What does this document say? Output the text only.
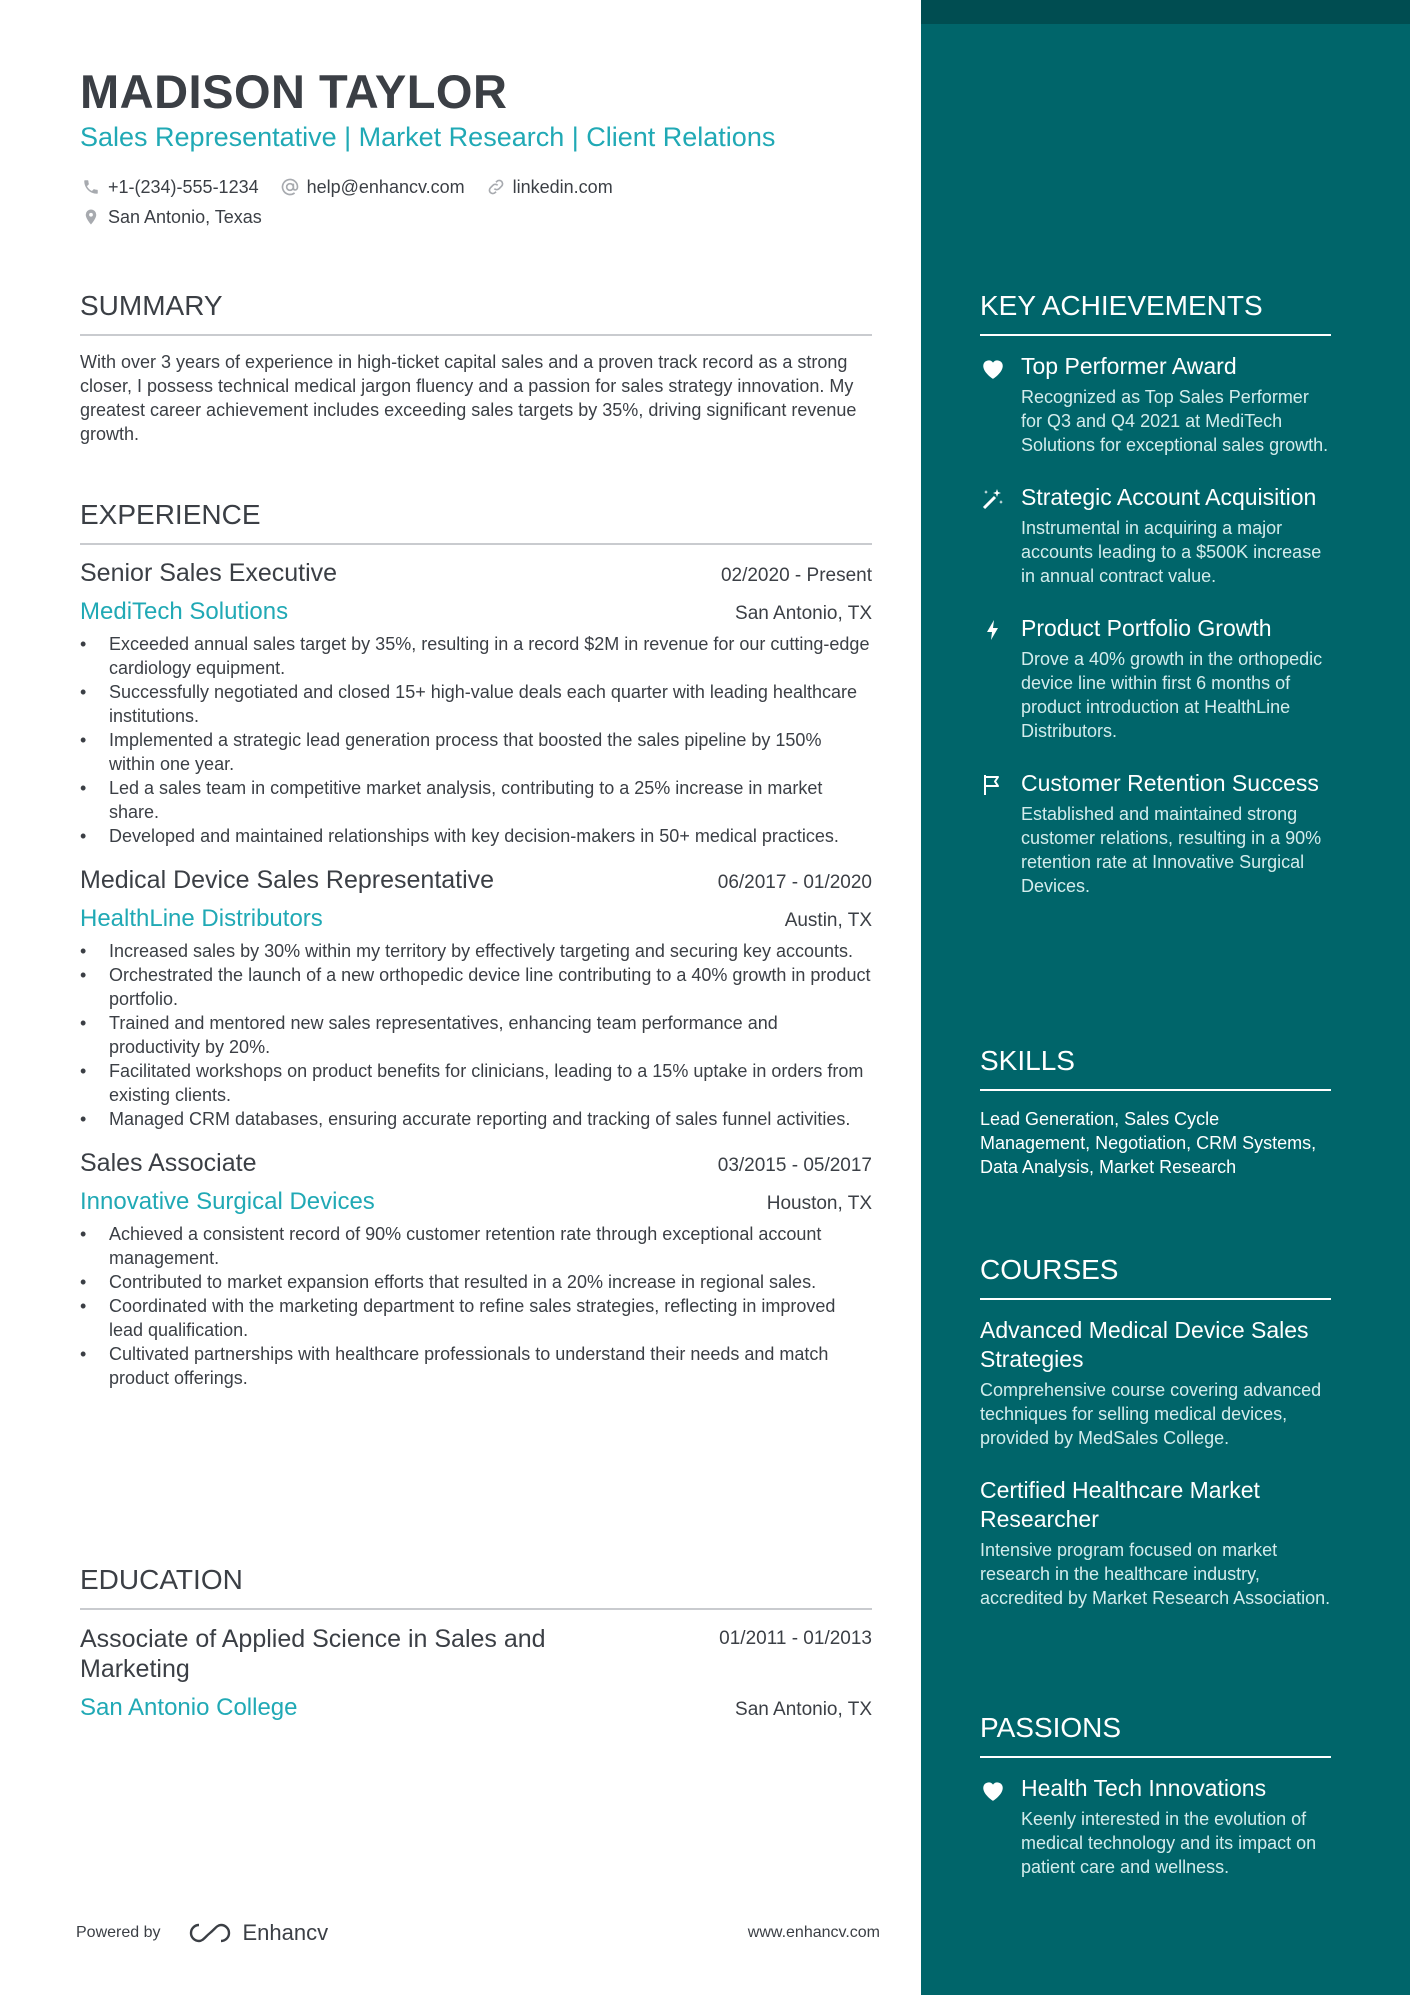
MADISON TAYLOR
Sales Representative | Market Research | Client Relations
+1-(234)-555-1234	help@enhancv.com	linkedin.com
San Antonio, Texas
SUMMARY
With over 3 years of experience in high-ticket capital sales and a proven track record as a strong closer, I possess technical medical jargon fluency and a passion for sales strategy innovation. My greatest career achievement includes exceeding sales targets by 35%, driving significant revenue growth.
EXPERIENCE
Senior Sales Executive	02/2020 - Present
MediTech Solutions	San Antonio, TX
• Exceeded annual sales target by 35%, resulting in a record $2M in revenue for our cutting-edge cardiology equipment.
• Successfully negotiated and closed 15+ high-value deals each quarter with leading healthcare institutions.
• Implemented a strategic lead generation process that boosted the sales pipeline by 150% within one year.
• Led a sales team in competitive market analysis, contributing to a 25% increase in market share.
• Developed and maintained relationships with key decision-makers in 50+ medical practices.
Medical Device Sales Representative	06/2017 - 01/2020
HealthLine Distributors	Austin, TX
• Increased sales by 30% within my territory by effectively targeting and securing key accounts.
• Orchestrated the launch of a new orthopedic device line contributing to a 40% growth in product portfolio.
• Trained and mentored new sales representatives, enhancing team performance and productivity by 20%.
• Facilitated workshops on product benefits for clinicians, leading to a 15% uptake in orders from existing clients.
• Managed CRM databases, ensuring accurate reporting and tracking of sales funnel activities.
Sales Associate	03/2015 - 05/2017
Innovative Surgical Devices	Houston, TX
• Achieved a consistent record of 90% customer retention rate through exceptional account management.
• Contributed to market expansion efforts that resulted in a 20% increase in regional sales.
• Coordinated with the marketing department to refine sales strategies, reflecting in improved lead qualification.
• Cultivated partnerships with healthcare professionals to understand their needs and match product offerings.
EDUCATION
Associate of Applied Science in Sales and Marketing
01/2011 - 01/2013
San Antonio College	San Antonio, TX
Powered by	Enhancv	www.enhancv.com
KEY ACHIEVEMENTS
Top Performer Award
Recognized as Top Sales Performer for Q3 and Q4 2021 at MediTech Solutions for exceptional sales growth.
Strategic Account Acquisition
Instrumental in acquiring a major accounts leading to a $500K increase in annual contract value.
Product Portfolio Growth
Drove a 40% growth in the orthopedic device line within first 6 months of product introduction at HealthLine Distributors.
Customer Retention Success
Established and maintained strong customer relations, resulting in a 90% retention rate at Innovative Surgical Devices.
SKILLS
Lead Generation, Sales Cycle Management, Negotiation, CRM Systems, Data Analysis, Market Research
COURSES
Advanced Medical Device Sales Strategies
Comprehensive course covering advanced techniques for selling medical devices, provided by MedSales College.
Certified Healthcare Market Researcher
Intensive program focused on market research in the healthcare industry, accredited by Market Research Association.
PASSIONS
Health Tech Innovations
Keenly interested in the evolution of medical technology and its impact on patient care and wellness.
